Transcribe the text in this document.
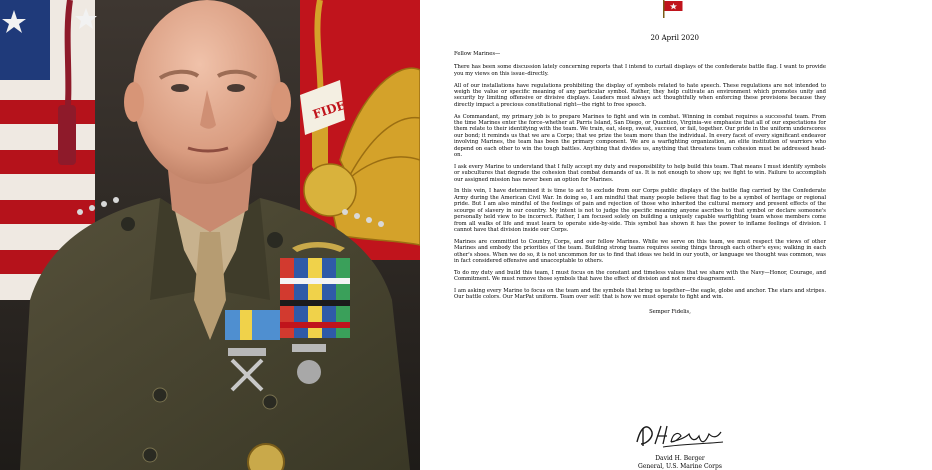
FIDE

20 April 2020

Fellow Marines—

There has been some discussion lately concerning reports that I intend to curtail displays of the confederate battle flag. I want to provide you my views on this issue–directly.

All of our installations have regulations prohibiting the display of symbols related to hate speech. These regulations are not intended to weigh the value or specific meaning of any particular symbol. Rather, they help cultivate an environment which promotes unity and security by limiting offensive or divisive displays. Leaders must always act thoughtfully when enforcing these provisions because they directly impact a precious constitutional right—the right to free speech.

As Commandant, my primary job is to prepare Marines to fight and win in combat. Winning in combat requires a successful team. From the time Marines enter the force–whether at Parris Island, San Diego, or Quantico, Virginia–we emphasize that all of our expectations for them relate to their identifying with the team. We train, eat, sleep, sweat, succeed, or fail, together. Our pride in the uniform underscores our bond; it reminds us that we are a Corps; that we prize the team more than the individual. In every facet of every significant endeavor involving Marines, the team has been the primary component. We are a warfighting organization, an elite institution of warriors who depend on each other to win the tough battles. Anything that divides us, anything that threatens team cohesion must be addressed head-on.

I ask every Marine to understand that I fully accept my duty and responsibility to help build this team. That means I must identify symbols or subcultures that degrade the cohesion that combat demands of us. It is not enough to show up; we fight to win. Failure to accomplish our assigned mission has never been an option for Marines.

In this vein, I have determined it is time to act to exclude from our Corps public displays of the battle flag carried by the Confederate Army during the American Civil War. In doing so, I am mindful that many people believe that flag to be a symbol of heritage or regional pride. But I am also mindful of the feelings of pain and rejection of those who inherited the cultural memory and present effects of the scourge of slavery in our country. My intent is not to judge the specific meaning anyone ascribes to that symbol or declare someone's personally held view to be incorrect. Rather, I am focused solely on building a uniquely capable warfighting team whose members come from all walks of life and must learn to operate side-by-side. This symbol has shown it has the power to inflame feelings of division. I cannot have that division inside our Corps.

Marines are committed to Country, Corps, and our fellow Marines. While we serve on this team, we must respect the views of other Marines and embody the priorities of the team. Building strong teams requires seeing things through each other's eyes; walking in each other's shoes. When we do so, it is not uncommon for us to find that ideas we held in our youth, or language we thought was common, was in fact considered offensive and unacceptable to others.

To do my duty and build this team, I must focus on the constant and timeless values that we share with the Navy—Honor, Courage, and Commitment. We must remove those symbols that have the effect of division and not mere disagreement.

I am asking every Marine to focus on the team and the symbols that bring us together—the eagle, globe and anchor. The stars and stripes. Our battle colors. Our MarPat uniform. Team over self: that is how we must operate to fight and win.

Semper Fidelis,

David H. Berger

General, U.S. Marine Corps
